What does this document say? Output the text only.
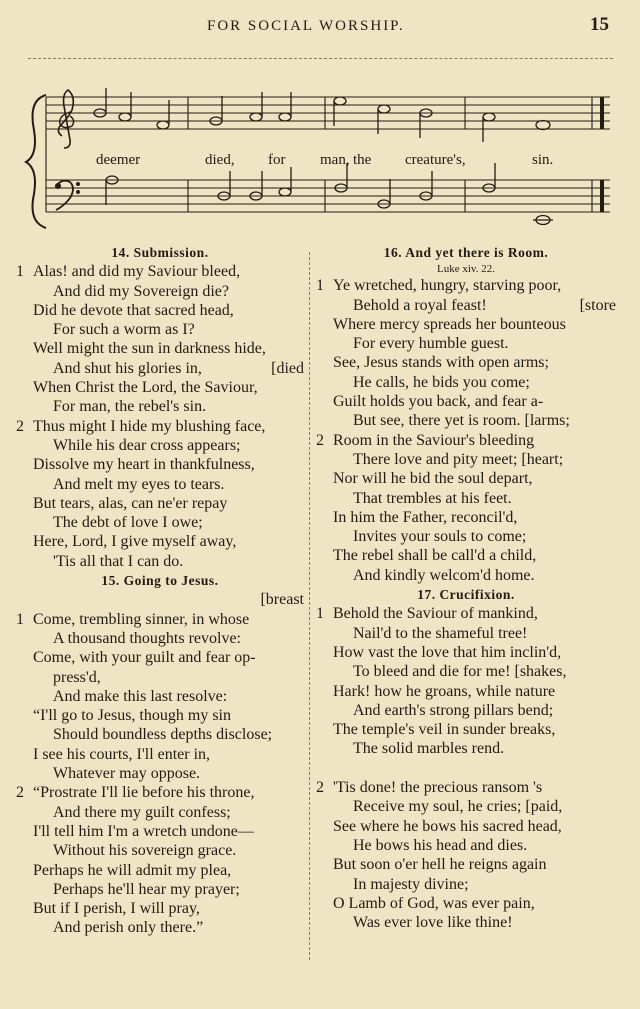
FOR SOCIAL WORSHIP.	15
deemer	died, for man, the creature's,	sin.
14. Submission.
1 Alas! and did my Saviour bleed,
And did my Sovereign die?
Did he devote that sacred head,
For such a worm as I?
Well might the sun in darkness hide,
And shut his glories in,	[died
When Christ the Lord, the Saviour,
For man, the rebel's sin.
2 Thus might I hide my blushing face,
While his dear cross appears;
Dissolve my heart in thankfulness,
And melt my eyes to tears.
But tears, alas, can ne'er repay
The debt of love I owe;
Here, Lord, I give myself away,
'Tis all that I can do.
15. Going to Jesus.
[breast
1 Come, trembling sinner, in whose
A thousand thoughts revolve:
Come, with your guilt and fear op-
press'd,
And make this last resolve:
“I'll go to Jesus, though my sin
Should boundless depths disclose;
I see his courts, I'll enter in,
Whatever may oppose.
2 “Prostrate I'll lie before his throne,
And there my guilt confess;
I'll tell him I'm a wretch undone—
Without his sovereign grace.
Perhaps he will admit my plea,
Perhaps he'll hear my prayer;
But if I perish, I will pray,
And perish only there.”
16. And yet there is Room.
Luke xiv. 22.
1 Ye wretched, hungry, starving poor,
Behold a royal feast!	[store
Where mercy spreads her bounteous
For every humble guest.
See, Jesus stands with open arms;
He calls, he bids you come;
Guilt holds you back, and fear a-
But see, there yet is room. [larms;
2 Room in the Saviour's bleeding
There love and pity meet; [heart;
Nor will he bid the soul depart,
That trembles at his feet.
In him the Father, reconcil'd,
Invites your souls to come;
The rebel shall be call'd a child,
And kindly welcom'd home.
17. Crucifixion.
1 Behold the Saviour of mankind,
Nail'd to the shameful tree!
How vast the love that him inclin'd,
To bleed and die for me! [shakes,
Hark! how he groans, while nature
And earth's strong pillars bend;
The temple's veil in sunder breaks,
The solid marbles rend.
2 'Tis done! the precious ransom 's
Receive my soul, he cries; [paid,
See where he bows his sacred head,
He bows his head and dies.
But soon o'er hell he reigns again
In majesty divine;
O Lamb of God, was ever pain,
Was ever love like thine!
